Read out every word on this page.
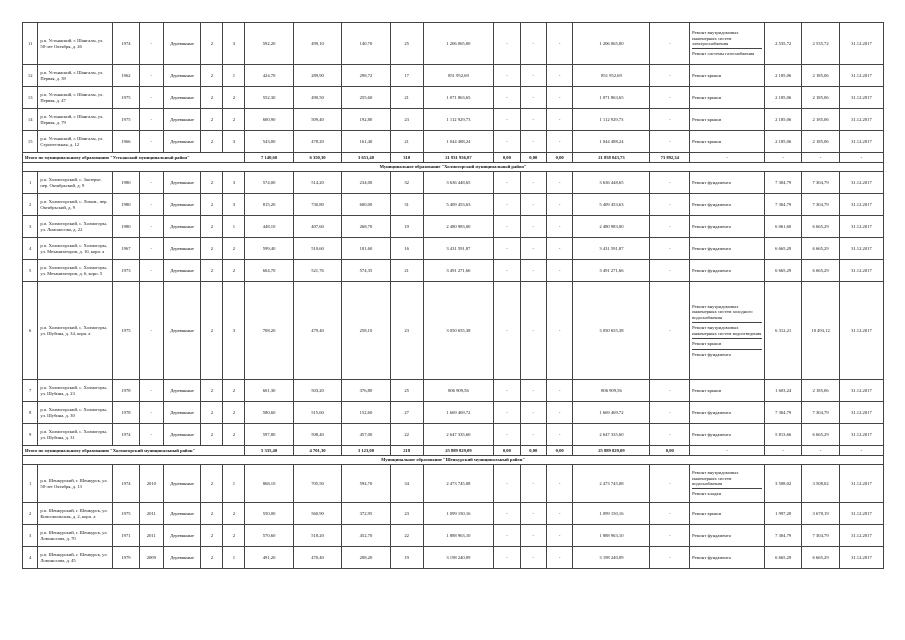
11	р.п. Устьянский, г. Шангалы, ул. 50-лет Октября, д. 26	1974	-	Деревянные	2	3	592,20	499,10	140,70	25	1 206 065,00	-	-	-	1 206 065,00	-	Ремонт внутридомовых инженерных систем электроснабжения
Ремонт системы газоснабжения	2 535,72	2 535,72	31.12.2017
12	р.п. Устьянский, г. Шангалы, ул. Первая, д. 39	1962	-	Деревянные	2	1	424,70	289,90	298,72	17	851 952,69	-	-	-	851 952,69	-	Ремонт крыши	2 185,06	2 185,06	31.12.2017
13	р.п. Устьянский, г. Шангалы, ул. Первая, д. 47	1975	-	Деревянные	2	2	552,30	490,50	255,60	21	1 071 863,65	-	-	-	1 071 863,65	-	Ремонт крыши	2 185,06	2 185,06	31.12.2017
14	р.п. Устьянский, г. Шангалы, ул. Первая, д. 79	1975	-	Деревянные	2	2	600,90	509,40	192,80	23	1 112 929,73	-	-	-	1 112 929,73	-	Ремонт крыши	2 185,06	2 185,06	31.12.2017
15	р.п. Устьянский, г. Шангалы, ул. Строительная, д. 12	1966	-	Деревянные	2	3	543,00	478,20	161,40	21	1 044 488,24	-	-	-	1 044 488,24	-	Ремонт крыши	2 185,06	2 185,06	31.12.2017
Итого по муниципальному образованию "Устьянский муниципальный район"							7 140,60	6 350,30	3 651,40	310	21 931 936,07	0,00	0,00	0,00	21 858 043,73	73 892,34	-	-	-	-
Муниципальное образование "Холмогорский муниципальный район"																				
1	р.п. Холмогорский, с. Заозерье, пер. Октябрьский, д. 9	1980	-	Деревянные	2	3	574,00	514,20	234,00	32	3 636 448,65	-	-	-	3 636 448,65	-	Ремонт фундамента	7 304,79	7 304,79	31.12.2017
2	р.п. Холмогорский, с. Ломов., пер. Октябрьский, д. 9	1980	-	Деревянные	2	3	815,20	730,80	600,00	31	5 409 453,63	-	-	-	5 409 453,63	-	Ремонт фундамента	7 304,79	7 304,79	31.12.2017
3	р.п. Холмогорский, с. Холмогоры, ул. Ломоносова, д. 22	1980	-	Деревянные	2	1	448,10	407,60	268,70	19	2 480 983,00	-	-	-	2 480 983,00	-	Ремонт фундамента	6 061,60	6 665,29	31.12.2017
4	р.п. Холмогорский, с. Холмогоры, ул. Механизаторов, д. 10, корп. а	1967	-	Деревянные	2	2	599,40	510,60	181,60	16	3 431 591,87	-	-	-	3 431 591,87	-	Ремонт фундамента	6 665,29	6 665,29	31.12.2017
5	р.п. Холмогорский, с. Холмогоры, ул. Механизаторов, д. 6, корп. 5	1973	-	Деревянные	2	2	604,70	521,76	574,35	21	3 491 271,66	-	-	-	3 491 271,66	-	Ремонт фундамента	6 665,29	6 665,29	31.12.2017
6	р.п. Холмогорский, с. Холмогоры, ул. Шубина, д. 34, корп. а	1975	-	Деревянные	2	3	708,20	479,40	258,10	23	3 050 655,38	-	-	-	3 050 655,38	-	Ремонт внутридомовых инженерных систем холодного водоснабжения
Ремонт внутридомовых инженерных систем водоотведения
Ремонт крыши
Ремонт фундамента	6 312,21	10 493,12	31.12.2017
7	р.п. Холмогорский, с. Холмогоры, ул. Шубина, д. 23	1978	-	Деревянные	2	2	601,30	503,20	376,80	25	806 909,56	-	-	-	806 909,56	-	Ремонт крыши	1 603,24	2 185,06	31.12.2017
8	р.п. Холмогорский, с. Холмогоры, ул. Шубина, д. 30	1978	-	Деревянные	2	2	580,60	515,60	152,60	27	1 669 469,72	-	-	-	1 669 469,72	-	Ремонт фундамента	7 304,79	7 304,79	31.12.2017
9	р.п. Холмогорский, с. Холмогоры, ул. Шубина, д. 31	1974	-	Деревянные	2	2	597,80	508,40	457,00	22	2 647 335,60	-	-	-	2 647 335,60	-	Ремонт фундамента	5 813,66	6 665,29	31.12.2017
Итого по муниципальному образованию "Холмогорский муниципальный район"							5 335,40	4 701,30	3 123,00	218	25 889 829,09	0,00	0,00	0,00	25 889 829,09	0,00	-	-	-	-
Муниципальное образование "Шенкурский муниципальный район"																				
1	р.п. Шенкурский, г. Шенкурск, ул. 50-лет Октября, д. 13	1974	2010	Деревянные	2	1	868,10	705,50	594,70	34	2 473 745,08	-	-	-	2 473 745,08	-	Ремонт внутридомовых инженерных систем водоснабжения
Ремонт кладки	3 508,02	3 508,02	31.12.2017
2	р.п. Шенкурский, г. Шенкурск, ул. Комсомольская, д. 2, корп. а	1975	2011	Деревянные	2	2	550,00	560,90	372,95	23	1 099 150,16	-	-	-	1 099 150,16	-	Ремонт крыши	1 997,20	3 678,19	31.12.2017
3	р.п. Шенкурский, г. Шенкурск, ул. Ломоносова, д. 70	1971	2011	Деревянные	2	2	570,60	518,20	452,70	22	1 888 963,10	-	-	-	1 888 963,10	-	Ремонт фундамента	7 304,79	7 304,79	31.12.2017
4	р.п. Шенкурский, г. Шенкурск, ул. Ломоносова, д. 45	1979	2009	Деревянные	2	1	491,20	470,40	208,20	19	3 198 240,09	-	-	-	3 198 240,09	-	Ремонт фундамента	6 665,29	6 665,29	31.12.2017
